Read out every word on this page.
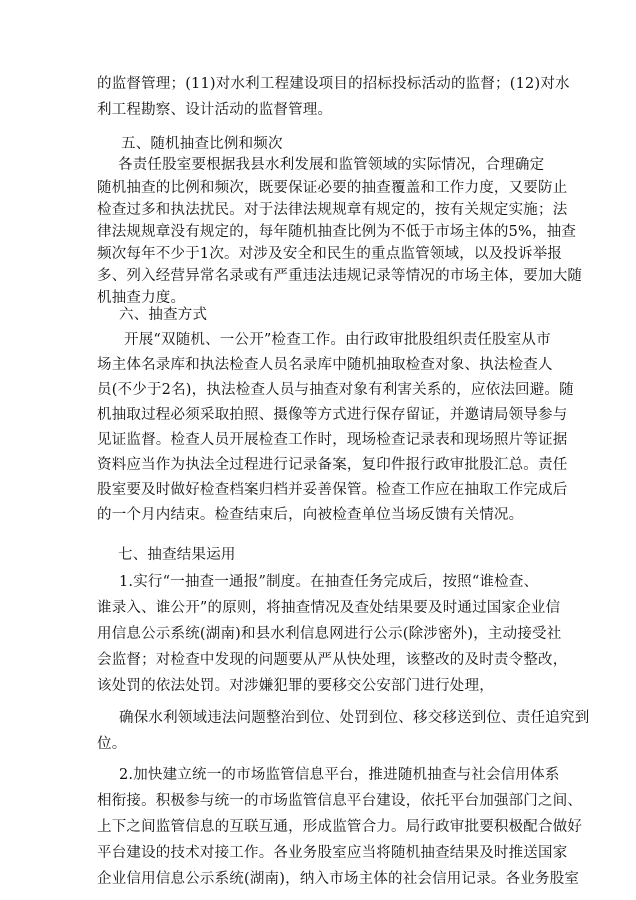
的监督管理；(11)对水利工程建设项目的招标投标活动的监督；(12)对水
利工程勘察、设计活动的监督管理。
五、随机抽查比例和频次
各责任股室要根据我县水利发展和监管领域的实际情况，合理确定
随机抽查的比例和频次，既要保证必要的抽查覆盖和工作力度，又要防止
检查过多和执法扰民。对于法律法规规章有规定的，按有关规定实施；法
律法规规章没有规定的，每年随机抽查比例为不低于市场主体的5%，抽查
频次每年不少于1次。对涉及安全和民生的重点监管领域，以及投诉举报
多、列入经营异常名录或有严重违法违规记录等情况的市场主体，要加大随
机抽查力度。
六、抽查方式
开展“双随机、一公开”检查工作。由行政审批股组织责任股室从市
场主体名录库和执法检查人员名录库中随机抽取检查对象、执法检查人
员(不少于2名)，执法检查人员与抽查对象有利害关系的，应依法回避。随
机抽取过程必须采取拍照、摄像等方式进行保存留证，并邀请局领导参与
见证监督。检查人员开展检查工作时，现场检查记录表和现场照片等证据
资料应当作为执法全过程进行记录备案，复印件报行政审批股汇总。责任
股室要及时做好检查档案归档并妥善保管。检查工作应在抽取工作完成后
的一个月内结束。检查结束后，向被检查单位当场反馈有关情况。
七、抽查结果运用
1.实行“一抽查一通报”制度。在抽查任务完成后，按照“谁检查、
谁录入、谁公开”的原则，将抽查情况及查处结果要及时通过国家企业信
用信息公示系统(湖南)和县水利信息网进行公示(除涉密外)，主动接受社
会监督；对检查中发现的问题要从严从快处理，该整改的及时责令整改，
该处罚的依法处罚。对涉嫌犯罪的要移交公安部门进行处理，
确保水利领域违法问题整治到位、处罚到位、移交移送到位、责任追究到
位。
2.加快建立统一的市场监管信息平台，推进随机抽查与社会信用体系
相衔接。积极参与统一的市场监管信息平台建设，依托平台加强部门之间、
上下之间监管信息的互联互通，形成监管合力。局行政审批要积极配合做好
平台建设的技术对接工作。各业务股室应当将随机抽查结果及时推送国家
企业信用信息公示系统(湖南)，纳入市场主体的社会信用记录。各业务股室
